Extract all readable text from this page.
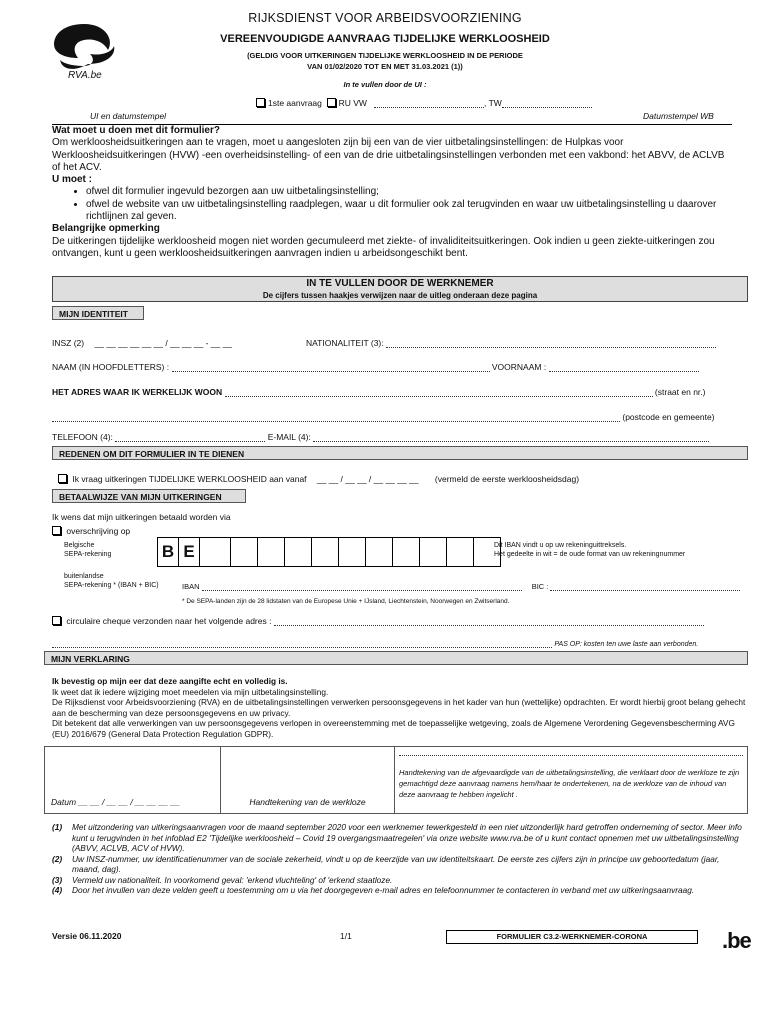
RVA.be
RIJKSDIENST VOOR ARBEIDSVOORZIENING
VEREENVOUDIGDE AANVRAAG TIJDELIJKE WERKLOOSHEID
(GELDIG VOOR UITKERINGEN TIJDELIJKE WERKLOOSHEID IN DE PERIODE
VAN 01/02/2020 TOT EN MET 31.03.2021 (1))
In te vullen door de UI :
1ste aanvraag RU VW	, TW
UI en datumstempel	Datumstempel WB

Wat moet u doen met dit formulier?

Om werkloosheidsuitkeringen aan te vragen, moet u aangesloten zijn bij een van de vier uitbetalingsinstellingen: de Hulpkas voor Werkloosheidsuitkeringen (HVW) -een overheidsinstelling- of een van de drie uitbetalingsinstellingen verbonden met een vakbond: het ABVV, de ACLVB of het ACV.

U moet :

• ofwel dit formulier ingevuld bezorgen aan uw uitbetalingsinstelling;
• ofwel de website van uw uitbetalingsinstelling raadplegen, waar u dit formulier ook zal terugvinden en waar uw uitbetalingsinstelling u daarover richtlijnen zal geven.

Belangrijke opmerking

De uitkeringen tijdelijke werkloosheid mogen niet worden gecumuleerd met ziekte- of invaliditeitsuitkeringen. Ook indien u geen ziekte-uitkeringen zou ontvangen, kunt u geen werkloosheidsuitkeringen aanvragen indien u arbeidsongeschikt bent.

IN TE VULLEN DOOR DE WERKNEMER
De cijfers tussen haakjes verwijzen naar de uitleg onderaan deze pagina
MIJN IDENTITEIT
INSZ (2) __ __ __ __ __ __ / __ __ __ - __ __	NATIONALITEIT (3):
NAAM (IN HOOFDLETTERS) :	VOORNAAM :
HET ADRES WAAR IK WERKELIJK WOON	(straat en nr.)
(postcode en gemeente)
TELEFOON (4):	E-MAIL (4):
REDENEN OM DIT FORMULIER IN TE DIENEN
Ik vraag uitkeringen TIJDELIJKE WERKLOOSHEID aan vanaf __ __ / __ __ / __ __ __ __ (vermeld de eerste werkloosheidsdag)
BETAALWIJZE VAN MIJN UITKERINGEN
Ik wens dat mijn uitkeringen betaald worden via
overschrijving op
Belgische
SEPA-rekening	B E	Dit IBAN vindt u op uw rekeninguittreksels.
Het gedeelte in wit = de oude format van uw rekeningnummer
buitenlandse
SEPA-rekening * (IBAN + BIC)	IBAN	BIC :
* De SEPA-landen zijn de 28 lidstaten van de Europese Unie + IJsland, Liechtenstein, Noorwegen en Zwitserland.
circulaire cheque verzonden naar het volgende adres :
PAS OP: kosten ten uwe laste aan verbonden.
MIJN VERKLARING
Ik bevestig op mijn eer dat deze aangifte echt en volledig is.
Ik weet dat ik iedere wijziging moet meedelen via mijn uitbetalingsinstelling.
De Rijksdienst voor Arbeidsvoorziening (RVA) en de uitbetalingsinstellingen verwerken persoonsgegevens in het kader van hun (wettelijke) opdrachten. Er wordt hierbij groot belang gehecht aan de bescherming van deze persoonsgegevens en uw privacy.
Dit betekent dat alle verwerkingen van uw persoonsgegevens verlopen in overeenstemming met de toepasselijke wetgeving, zoals de Algemene Verordening Gegevensbescherming AVG (EU) 2016/679 (General Data Protection Regulation GDPR).
Datum __ __ / __ __ / __ __ __ __	Handtekening van de werkloze
Handtekening van de afgevaardigde van de uitbetalingsinstelling, die verklaart door de werkloze te zijn gemachtigd deze aanvraag namens hem/haar te ondertekenen, na de werkloze van de inhoud van deze aanvraag te hebben ingelicht .
(1)	Met uitzondering van uitkeringsaanvragen voor de maand september 2020 voor een werknemer tewerkgesteld in een niet uitzonderlijk hard getroffen onderneming of sector. Meer info kunt u terugvinden in het infoblad E2 'Tijdelijke werkloosheid – Covid 19 overgangsmaatregelen' via onze website www.rva.be of u kunt contact opnemen met uw uitbetalingsinstelling (ABVV, ACLVB, ACV of HVW).
(2)	Uw INSZ-nummer, uw identificatienummer van de sociale zekerheid, vindt u op de keerzijde van uw identiteitskaart. De eerste zes cijfers zijn in principe uw geboortedatum (jaar, maand, dag).
(3)	Vermeld uw nationaliteit. In voorkomend geval: 'erkend vluchteling' of 'erkend staatloze.
(4)	Door het invullen van deze velden geeft u toestemming om u via het doorgegeven e-mail adres en telefoonnummer te contacteren in verband met uw uitkeringsaanvraag.
Versie 06.11.2020	1/1	FORMULIER C3.2-WERKNEMER-CORONA	.be
